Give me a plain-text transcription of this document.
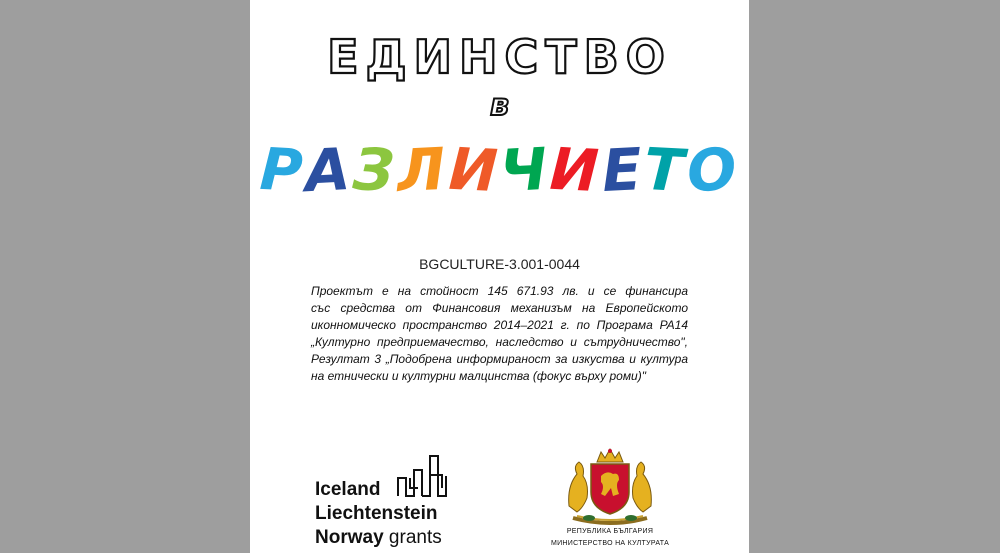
ЕДИНСТВО
в
РАЗЛИЧИЕТО
BGCULTURE-3.001-0044
Проектът е на стойност 145 671.93 лв. и се финансира
със средства от Финансовия механизъм на Европейското
иконномическо пространство 2014–2021 г. по Програма РА14
„Културно предприемачество, наследство и сътрудничество",
Резултат 3 „Подобрена информираност за изкуства и култура
на етнически и културни малцинства (фокус върху роми)"
Iceland
Liechtenstein
Norway grants	РЕПУБЛИКА БЪЛГАРИЯ
МИНИСТЕРСТВО НА КУЛТУРАТА
